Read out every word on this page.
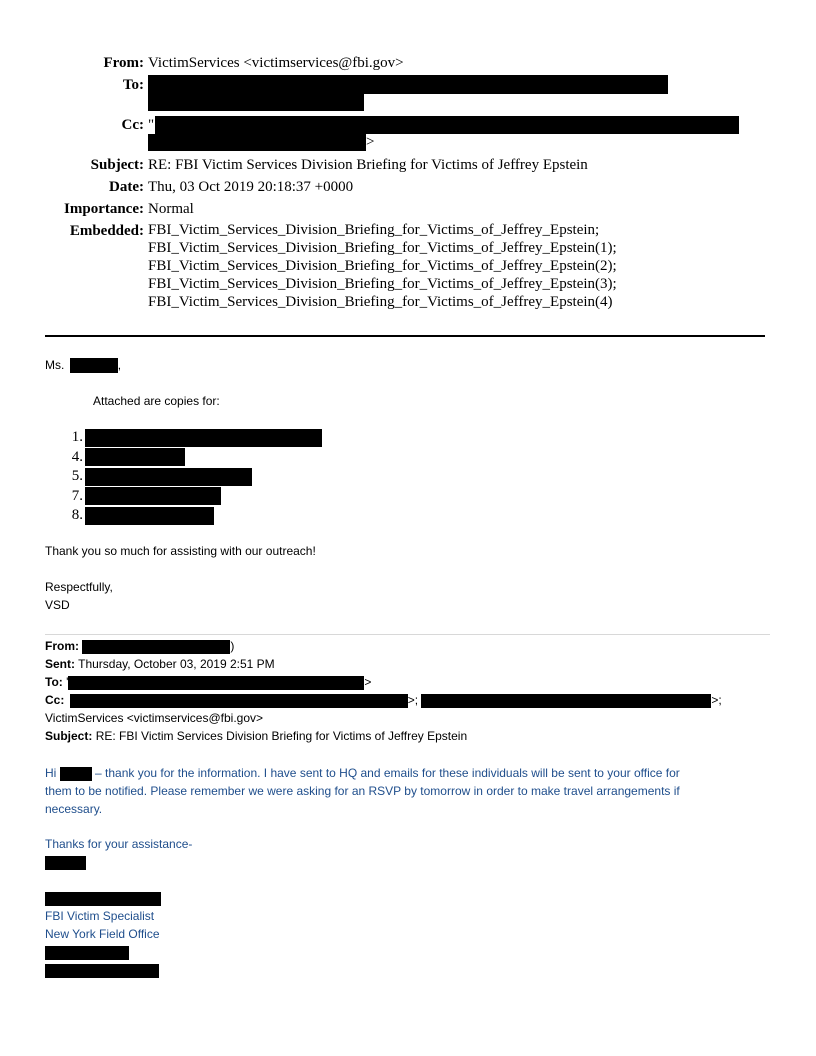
From: VictimServices <victimservices@fbi.gov>
To:
Cc: "
>
Subject: RE: FBI Victim Services Division Briefing for Victims of Jeffrey Epstein
Date: Thu, 03 Oct 2019 20:18:37 +0000
Importance: Normal
Embedded: FBI_Victim_Services_Division_Briefing_for_Victims_of_Jeffrey_Epstein;
FBI_Victim_Services_Division_Briefing_for_Victims_of_Jeffrey_Epstein(1);
FBI_Victim_Services_Division_Briefing_for_Victims_of_Jeffrey_Epstein(2);
FBI_Victim_Services_Division_Briefing_for_Victims_of_Jeffrey_Epstein(3);
FBI_Victim_Services_Division_Briefing_for_Victims_of_Jeffrey_Epstein(4)
Ms.	,
Attached are copies for:
1.
4.
5.
7.
8.
Thank you so much for assisting with our outreach!
Respectfully,
VSD
From:	)
Sent: Thursday, October 03, 2019 2:51 PM
To: '	>
Cc:	>;	>;
VictimServices <victimservices@fbi.gov>
Subject: RE: FBI Victim Services Division Briefing for Victims of Jeffrey Epstein
Hi	– thank you for the information. I have sent to HQ and emails for these individuals will be sent to your office for
them to be notified. Please remember we were asking for an RSVP by tomorrow in order to make travel arrangements if
necessary.
Thanks for your assistance-
FBI Victim Specialist
New York Field Office
